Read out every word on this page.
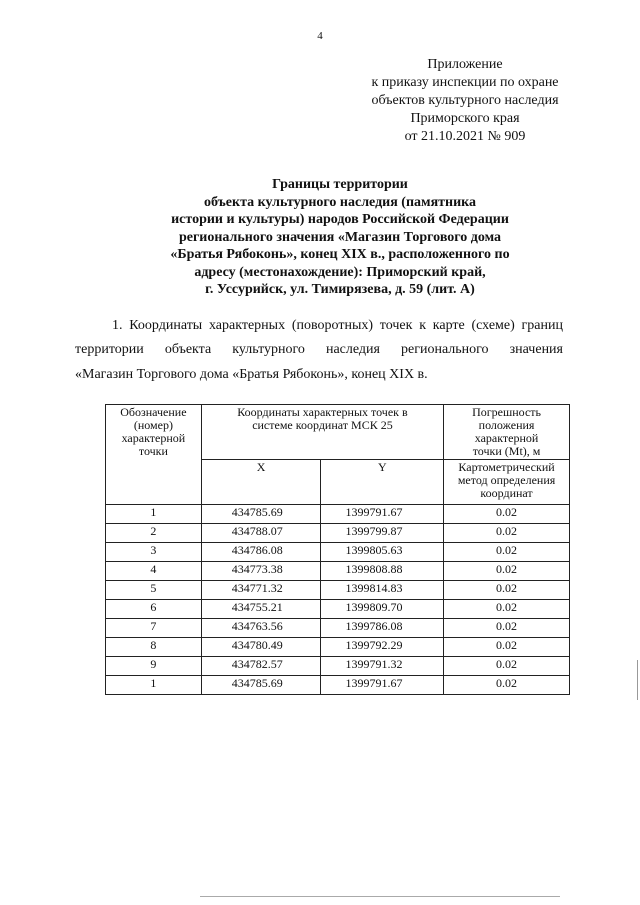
4
Приложение
к приказу инспекции по охране
объектов культурного наследия
Приморского края
от 21.10.2021 № 909
Границы территории
объекта культурного наследия (памятника
истории и культуры) народов Российской Федерации
регионального значения «Магазин Торгового дома
«Братья Рябоконь», конец XIX в., расположенного по
адресу (местонахождение): Приморский край,
г. Уссурийск, ул. Тимирязева, д. 59 (лит. А)
1. Координаты характерных (поворотных) точек к карте (схеме) границ
территории объекта культурного наследия регионального значения
«Магазин Торгового дома «Братья Рябоконь», конец XIX в.
Обозначение (номер) характерной точки	Координаты характерных точек в системе координат МСК 25		Погрешность положения характерной точки (Mt), м
	X	Y	Картометрический метод определения координат
1	434785.69	1399791.67	0.02
2	434788.07	1399799.87	0.02
3	434786.08	1399805.63	0.02
4	434773.38	1399808.88	0.02
5	434771.32	1399814.83	0.02
6	434755.21	1399809.70	0.02
7	434763.56	1399786.08	0.02
8	434780.49	1399792.29	0.02
9	434782.57	1399791.32	0.02
1	434785.69	1399791.67	0.02
